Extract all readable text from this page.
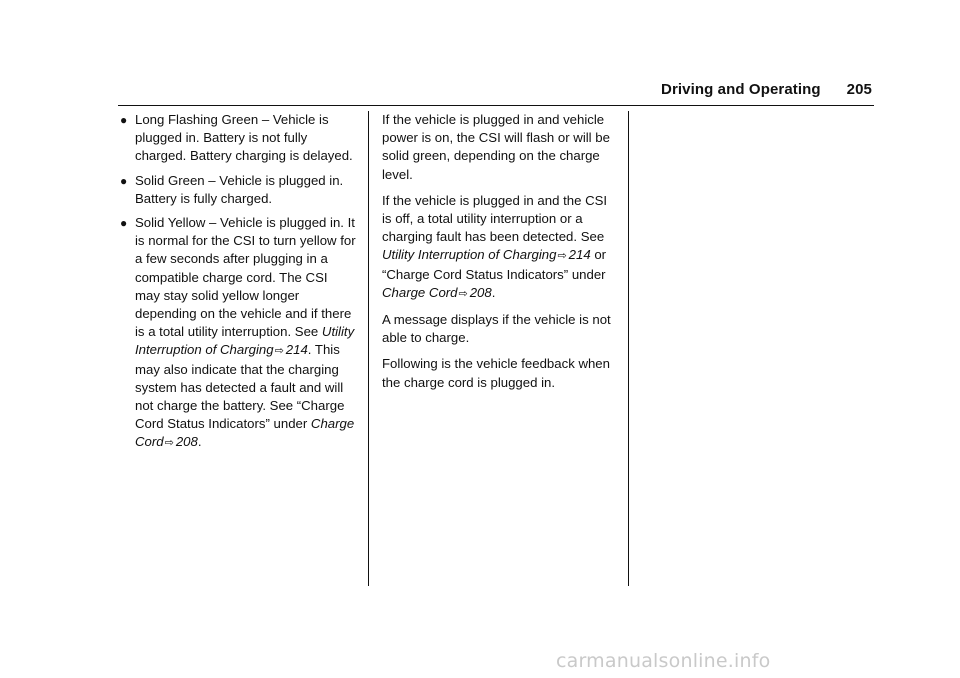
Driving and Operating 205
● Long Flashing Green – Vehicle is plugged in. Battery is not fully charged. Battery charging is delayed.
● Solid Green – Vehicle is plugged in. Battery is fully charged.
● Solid Yellow – Vehicle is plugged in. It is normal for the CSI to turn yellow for a few seconds after plugging in a compatible charge cord. The CSI may stay solid yellow longer depending on the vehicle and if there is a total utility interruption. See Utility Interruption of Charging⇨ 214. This may also indicate that the charging system has detected a fault and will not charge the battery. See “Charge Cord Status Indicators” under Charge Cord⇨ 208.

If the vehicle is plugged in and vehicle power is on, the CSI will flash or will be solid green, depending on the charge level.

If the vehicle is plugged in and the CSI is off, a total utility interruption or a charging fault has been detected. See Utility Interruption of Charging⇨ 214 or “Charge Cord Status Indicators” under Charge Cord⇨ 208.

A message displays if the vehicle is not able to charge.

Following is the vehicle feedback when the charge cord is plugged in.

carmanualsonline.info
